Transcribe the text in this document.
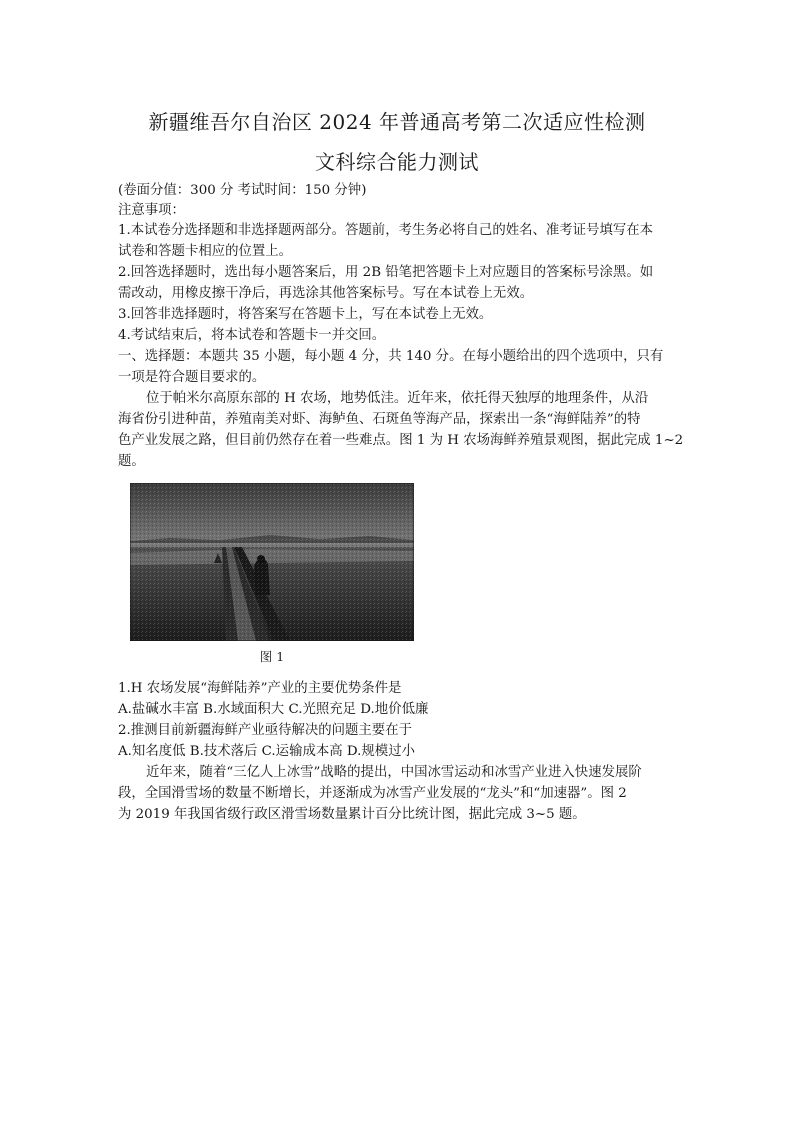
新疆维吾尔自治区 2024 年普通高考第二次适应性检测
文科综合能力测试
(卷面分值：300 分 考试时间：150 分钟)
注意事项：
1.本试卷分选择题和非选择题两部分。答题前，考生务必将自己的姓名、准考证号填写在本
试卷和答题卡相应的位置上。
2.回答选择题时，选出每小题答案后，用 2B 铅笔把答题卡上对应题目的答案标号涂黑。如
需改动，用橡皮擦干净后，再选涂其他答案标号。写在本试卷上无效。
3.回答非选择题时，将答案写在答题卡上，写在本试卷上无效。
4.考试结束后，将本试卷和答题卡一并交回。
一、选择题：本题共 35 小题，每小题 4 分，共 140 分。在每小题给出的四个选项中，只有
一项是符合题目要求的。
位于帕米尔高原东部的 H 农场，地势低洼。近年来，依托得天独厚的地理条件，从沿
海省份引进种苗，养殖南美对虾、海鲈鱼、石斑鱼等海产品，探索出一条“海鲜陆养”的特
色产业发展之路，但目前仍然存在着一些难点。图 1 为 H 农场海鲜养殖景观图，据此完成 1~2
题。
图 1
1.H 农场发展“海鲜陆养”产业的主要优势条件是
A.盐碱水丰富 B.水域面积大 C.光照充足 D.地价低廉
2.推测目前新疆海鲜产业亟待解决的问题主要在于
A.知名度低 B.技术落后 C.运输成本高 D.规模过小
近年来，随着“三亿人上冰雪”战略的提出，中国冰雪运动和冰雪产业进入快速发展阶
段，全国滑雪场的数量不断增长，并逐渐成为冰雪产业发展的“龙头”和“加速器”。图 2
为 2019 年我国省级行政区滑雪场数量累计百分比统计图，据此完成 3~5 题。
